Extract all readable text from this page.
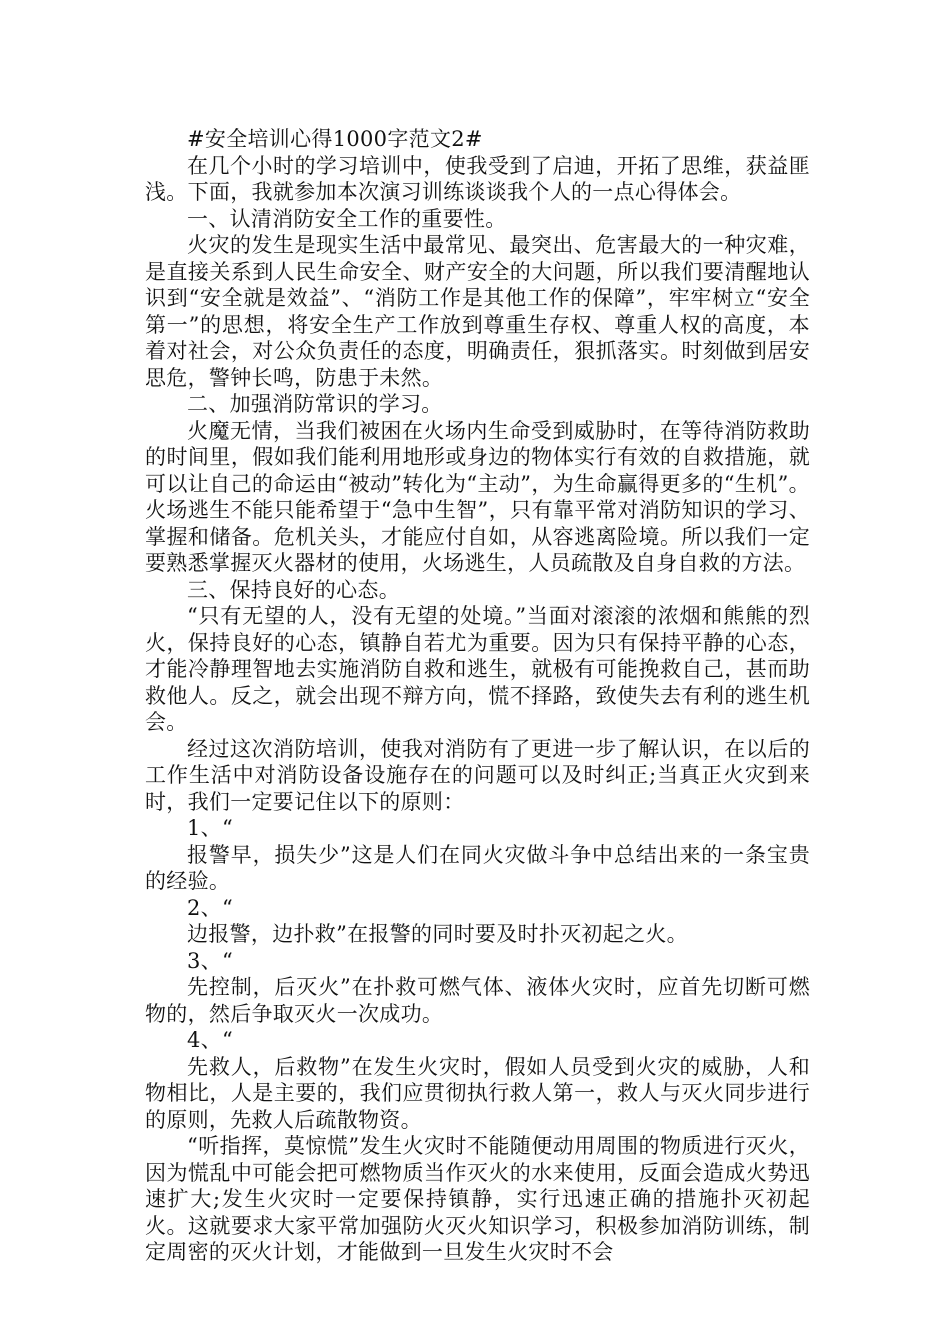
#安全培训心得1000字范文2#

在几个小时的学习培训中，使我受到了启迪，开拓了思维，获益匪浅。下面，我就参加本次演习训练谈谈我个人的一点心得体会。

一、认清消防安全工作的重要性。

火灾的发生是现实生活中最常见、最突出、危害最大的一种灾难，是直接关系到人民生命安全、财产安全的大问题，所以我们要清醒地认识到“安全就是效益”、“消防工作是其他工作的保障”，牢牢树立“安全第一”的思想，将安全生产工作放到尊重生存权、尊重人权的高度，本着对社会，对公众负责任的态度，明确责任，狠抓落实。时刻做到居安思危，警钟长鸣，防患于未然。

二、加强消防常识的学习。

火魔无情，当我们被困在火场内生命受到威胁时，在等待消防救助的时间里，假如我们能利用地形或身边的物体实行有效的自救措施，就可以让自己的命运由“被动”转化为“主动”，为生命赢得更多的“生机”。火场逃生不能只能希望于“急中生智”，只有靠平常对消防知识的学习、掌握和储备。危机关头，才能应付自如，从容逃离险境。所以我们一定要熟悉掌握灭火器材的使用，火场逃生，人员疏散及自身自救的方法。

三、保持良好的心态。

“只有无望的人，没有无望的处境。”当面对滚滚的浓烟和熊熊的烈火，保持良好的心态，镇静自若尤为重要。因为只有保持平静的心态，才能冷静理智地去实施消防自救和逃生，就极有可能挽救自己，甚而助救他人。反之，就会出现不辩方向，慌不择路，致使失去有利的逃生机会。

经过这次消防培训，使我对消防有了更进一步了解认识，在以后的工作生活中对消防设备设施存在的问题可以及时纠正;当真正火灾到来时，我们一定要记住以下的原则：

1、“

报警早，损失少”这是人们在同火灾做斗争中总结出来的一条宝贵的经验。

2、“

边报警，边扑救”在报警的同时要及时扑灭初起之火。

3、“

先控制，后灭火”在扑救可燃气体、液体火灾时，应首先切断可燃物的，然后争取灭火一次成功。

4、“

先救人，后救物”在发生火灾时，假如人员受到火灾的威胁，人和物相比，人是主要的，我们应贯彻执行救人第一，救人与灭火同步进行的原则，先救人后疏散物资。

“听指挥，莫惊慌”发生火灾时不能随便动用周围的物质进行灭火，因为慌乱中可能会把可燃物质当作灭火的水来使用，反面会造成火势迅速扩大;发生火灾时一定要保持镇静，实行迅速正确的措施扑灭初起火。这就要求大家平常加强防火灭火知识学习，积极参加消防训练，制定周密的灭火计划，才能做到一旦发生火灾时不会
